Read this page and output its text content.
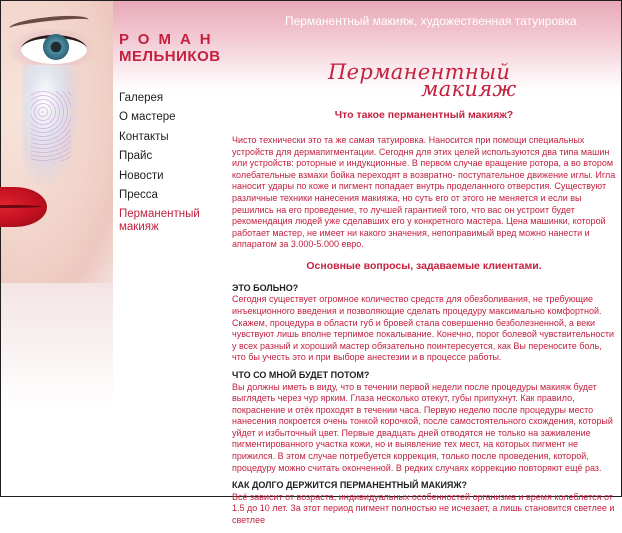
Перманентный макияж, художественная татуировка
РОМАН
МЕЛЬНИКОВ
Перманентный
макияж
Галерея
О мастере
Контакты
Прайс
Новости
Пресса
Перманентный макияж

Что такое перманентный макияж?

Чисто технически это та же самая татуировка. Наносится при помощи специальных устройств для дермапигментации. Сегодня для этих целей используются два типа машин или устройств: роторные и индукционные. В первом случае вращение ротора, а во втором колебательные взмахи бойка переходят в возвратно- поступательное движение иглы. Игла наносит удары по коже и пигмент попадает внутрь проделанного отверстия. Существуют различные техники нанесения макияжа, но суть его от этого не меняется и если вы решились на его проведение, то лучшей гарантией того, что вас он устроит будет рекомендация людей уже сделавших его у конкретного мастера. Цена машинки, которой работает мастер, не имеет ни какого значения, непоправимый вред можно нанести и аппаратом за 3.000-5.000 евро.

Основные вопросы, задаваемые клиентами.

ЭТО БОЛЬНО?

Сегодня существует огромное количество средств для обезболивания, не требующие инъекционного введения и позволяющие сделать процедуру максимально комфортной. Скажем, процедура в области губ и бровей стала совершенно безболезненной, а веки чувствуют лишь вполне терпимое покалывание. Конечно, порог болевой чувствительности у всех разный и хороший мастер обязательно поинтересуется, как Вы переносите боль, что бы учесть это и при выборе анестезии и в процессе работы.

ЧТО СО МНОЙ БУДЕТ ПОТОМ?

Вы должны иметь в виду, что в течении первой недели после процедуры макияж будет выглядеть через чур ярким. Глаза несколько отекут, губы припухнут. Как правило, покраснение и отёк проходят в течении часа. Первую неделю после процедуры место нанесения покроется очень тонкой корочкой, после самостоятельного схождения, который уйдет и избыточный цвет. Первые двадцать дней отводятся не только на заживление пигментированного участка кожи, но и выявление тех мест, на которых пигмент не прижился. В этом случае потребуется коррекция, только после проведения, которой, процедуру можно считать оконченной. В редких случаях коррекцию повторяют ещё раз.

КАК ДОЛГО ДЕРЖИТСЯ ПЕРМАНЕНТНЫЙ МАКИЯЖ?

Всё зависит от возраста, индивидуальных особенностей организма и время колеблется от 1.5 до 10 лет. За этот период пигмент полностью не исчезает, а лишь становится светлее и светлее
